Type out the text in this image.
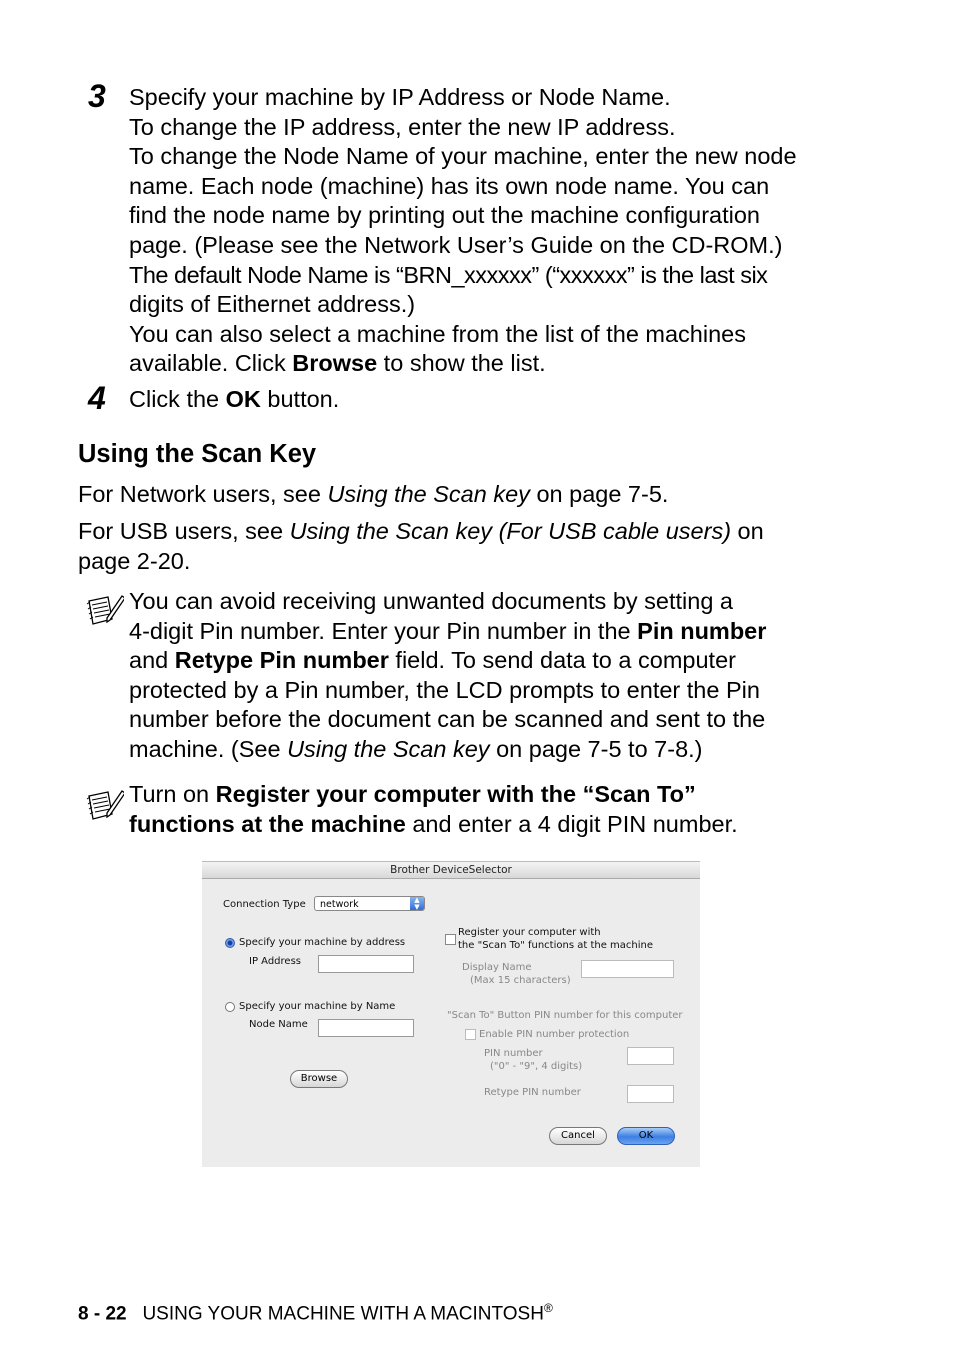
3 Specify your machine by IP Address or Node Name.
To change the IP address, enter the new IP address.
To change the Node Name of your machine, enter the new node
name. Each node (machine) has its own node name. You can
find the node name by printing out the machine configuration
page. (Please see the Network User’s Guide on the CD-ROM.)
The default Node Name is “BRN_xxxxxx” (“xxxxxx” is the last six
digits of Eithernet address.)
You can also select a machine from the list of the machines
available. Click Browse to show the list.
4 Click the OK button.
Using the Scan Key
For Network users, see Using the Scan key on page 7-5.
For USB users, see Using the Scan key (For USB cable users) on
page 2-20.
You can avoid receiving unwanted documents by setting a
4-digit Pin number. Enter your Pin number in the Pin number
and Retype Pin number field. To send data to a computer
protected by a Pin number, the LCD prompts to enter the Pin
number before the document can be scanned and sent to the
machine. (See Using the Scan key on page 7-5 to 7-8.)
Turn on Register your computer with the “Scan To”
functions at the machine and enter a 4 digit PIN number.
Brother DeviceSelector
Connection Type	network	▲
▼
Specify your machine by address
IP Address
Specify your machine by Name
Node Name
Browse
Register your computer with
the "Scan To" functions at the machine
Display Name
(Max 15 characters)
"Scan To" Button PIN number for this computer
Enable PIN number protection
PIN number
("0" - "9", 4 digits)
Retype PIN number
Cancel	OK
8 - 22 USING YOUR MACHINE WITH A MACINTOSH®
